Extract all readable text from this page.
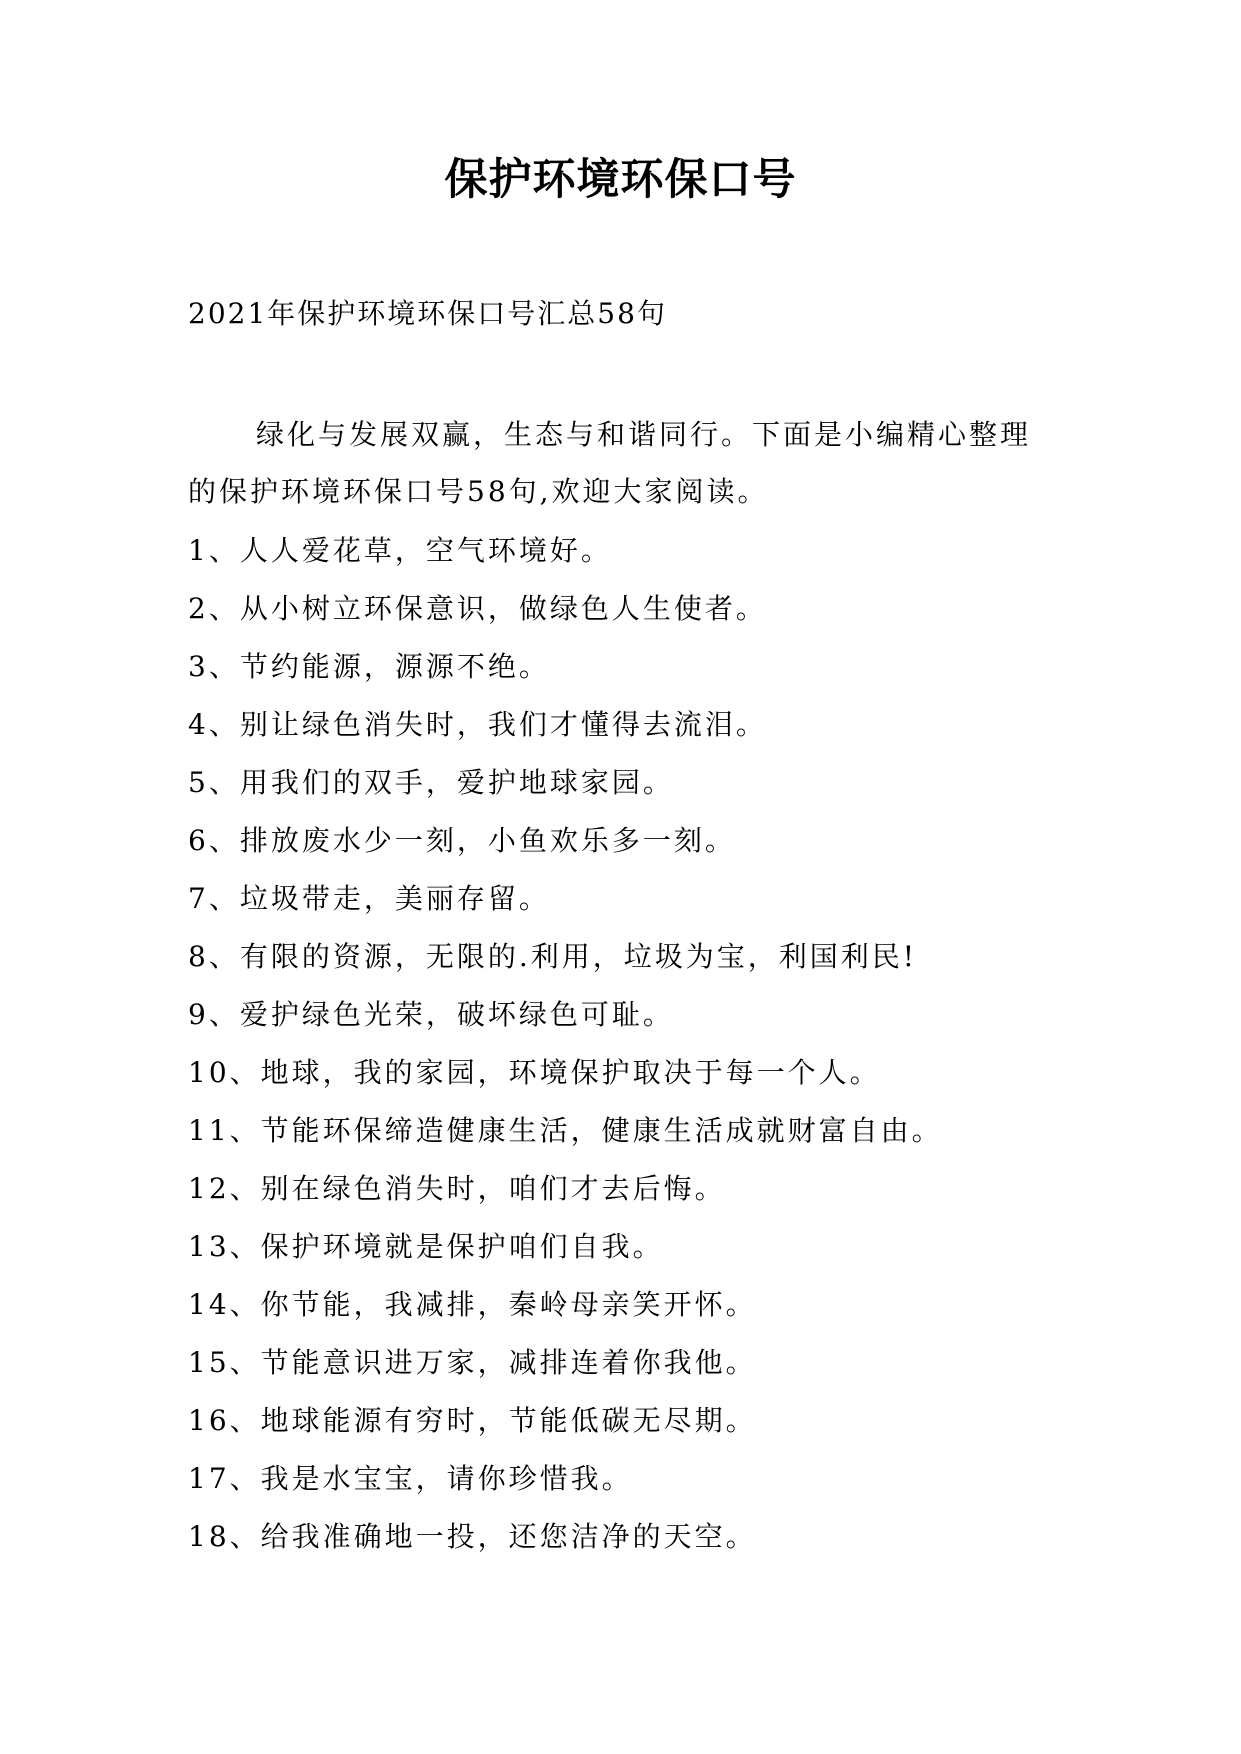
保护环境环保口号

2021年保护环境环保口号汇总58句

绿化与发展双赢，生态与和谐同行。下面是小编精心整理的保护环境环保口号58句,欢迎大家阅读。

1、人人爱花草，空气环境好。
2、从小树立环保意识，做绿色人生使者。
3、节约能源，源源不绝。
4、别让绿色消失时，我们才懂得去流泪。
5、用我们的双手，爱护地球家园。
6、排放废水少一刻，小鱼欢乐多一刻。
7、垃圾带走，美丽存留。
8、有限的资源，无限的.利用，垃圾为宝，利国利民!
9、爱护绿色光荣，破坏绿色可耻。
10、地球，我的家园，环境保护取决于每一个人。
11、节能环保缔造健康生活，健康生活成就财富自由。
12、别在绿色消失时，咱们才去后悔。
13、保护环境就是保护咱们自我。
14、你节能，我减排，秦岭母亲笑开怀。
15、节能意识进万家，减排连着你我他。
16、地球能源有穷时，节能低碳无尽期。
17、我是水宝宝，请你珍惜我。
18、给我准确地一投，还您洁净的天空。
